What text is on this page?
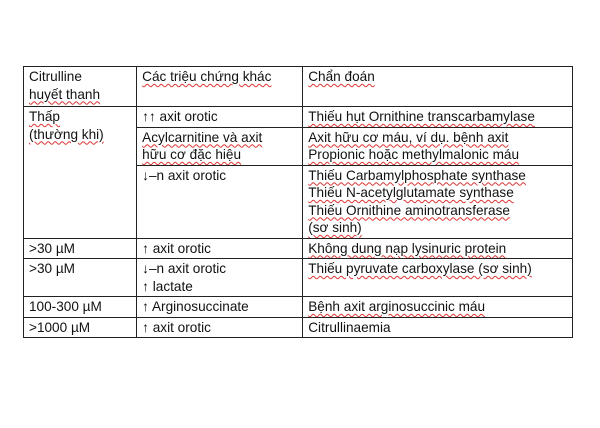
Citrulline
huyết thanh	Các triệu chứng khác	Chẩn đoán

Thấp
(thường khi)	↑↑ axit orotic	Thiếu hụt Ornithine transcarbamylase

	Acylcarnitine và axit
hữu cơ đặc hiệu	Axit hữu cơ máu, ví dụ. bệnh axit
Propionic hoặc methylmalonic máu

	↓–n axit orotic	Thiếu Carbamylphosphate synthase
Thiếu N-acetylglutamate synthase
Thiếu Ornithine aminotransferase
(sơ sinh)

>30 µM	↑ axit orotic	Không dung nạp lysinuric protein

>30 µM	↓–n axit orotic
↑ lactate	Thiếu pyruvate carboxylase (sơ sinh)

100-300 µM	↑ Arginosuccinate	Bệnh axit arginosuccinic máu

>1000 µM	↑ axit orotic	Citrullinaemia
